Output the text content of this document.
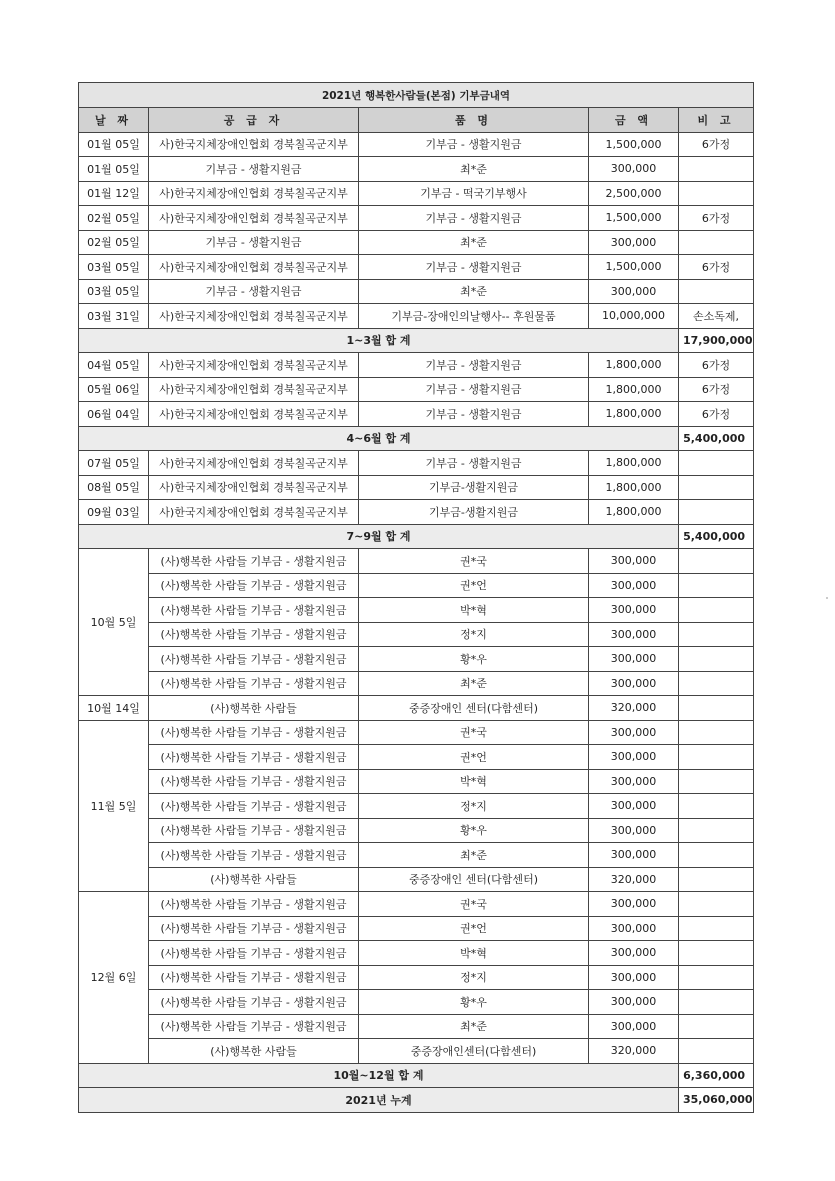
2021년 행복한사람들(본점) 기부금내역				
날 짜	공 급 자	품 명	금 액	비 고
01월 05일	사)한국지체장애인협회 경북칠곡군지부	기부금 - 생활지원금	1,500,000	6가정
01월 05일	기부금 - 생활지원금	최*준	300,000	
01월 12일	사)한국지체장애인협회 경북칠곡군지부	기부금 - 떡국기부행사	2,500,000	
02월 05일	사)한국지체장애인협회 경북칠곡군지부	기부금 - 생활지원금	1,500,000	6가정
02월 05일	기부금 - 생활지원금	최*준	300,000	
03월 05일	사)한국지체장애인협회 경북칠곡군지부	기부금 - 생활지원금	1,500,000	6가정
03월 05일	기부금 - 생활지원금	최*준	300,000	
03월 31일	사)한국지체장애인협회 경북칠곡군지부	기부금-장애인의날행사-- 후원물품	10,000,000	손소독제,
1~3월 합 계				17,900,000
04월 05일	사)한국지체장애인협회 경북칠곡군지부	기부금 - 생활지원금	1,800,000	6가정
05월 06일	사)한국지체장애인협회 경북칠곡군지부	기부금 - 생활지원금	1,800,000	6가정
06월 04일	사)한국지체장애인협회 경북칠곡군지부	기부금 - 생활지원금	1,800,000	6가정
4~6월 합 계				5,400,000
07월 05일	사)한국지체장애인협회 경북칠곡군지부	기부금 - 생활지원금	1,800,000	
08월 05일	사)한국지체장애인협회 경북칠곡군지부	기부금-생활지원금	1,800,000	
09월 03일	사)한국지체장애인협회 경북칠곡군지부	기부금-생활지원금	1,800,000	
7~9월 합 계				5,400,000
10월 5일	(사)행복한 사람들 기부금 - 생활지원금	권*국	300,000	
	(사)행복한 사람들 기부금 - 생활지원금	권*언	300,000	
	(사)행복한 사람들 기부금 - 생활지원금	박*혁	300,000	
	(사)행복한 사람들 기부금 - 생활지원금	정*지	300,000	
	(사)행복한 사람들 기부금 - 생활지원금	황*우	300,000	
	(사)행복한 사람들 기부금 - 생활지원금	최*준	300,000	
10월 14일	(사)행복한 사람들	중증장애인 센터(다함센터)	320,000	
11월 5일	(사)행복한 사람들 기부금 - 생활지원금	권*국	300,000	
	(사)행복한 사람들 기부금 - 생활지원금	권*언	300,000	
	(사)행복한 사람들 기부금 - 생활지원금	박*혁	300,000	
	(사)행복한 사람들 기부금 - 생활지원금	정*지	300,000	
	(사)행복한 사람들 기부금 - 생활지원금	황*우	300,000	
	(사)행복한 사람들 기부금 - 생활지원금	최*준	300,000	
	(사)행복한 사람들	중증장애인 센터(다함센터)	320,000	
12월 6일	(사)행복한 사람들 기부금 - 생활지원금	권*국	300,000	
	(사)행복한 사람들 기부금 - 생활지원금	권*언	300,000	
	(사)행복한 사람들 기부금 - 생활지원금	박*혁	300,000	
	(사)행복한 사람들 기부금 - 생활지원금	정*지	300,000	
	(사)행복한 사람들 기부금 - 생활지원금	황*우	300,000	
	(사)행복한 사람들 기부금 - 생활지원금	최*준	300,000	
	(사)행복한 사람들	중증장애인센터(다함센터)	320,000	
10월~12월 합 계				6,360,000
2021년 누계				35,060,000
